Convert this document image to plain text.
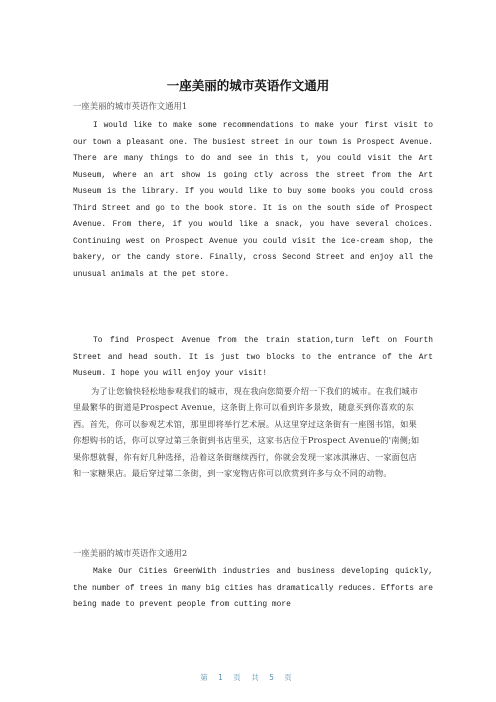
一座美丽的城市英语作文通用
一座美丽的城市英语作文通用1

I would like to make some recommendations to make your first visit to our town a pleasant one. The busiest street in our town is Prospect Avenue. There are many things to do and see in this t, you could visit the Art Museum, where an art show is going ctly across the street from the Art Museum is the library. If you would like to buy some books you could cross Third Street and go to the book store. It is on the south side of Prospect Avenue. From there, if you would like a snack, you have several choices. Continuing west on Prospect Avenue you could visit the ice-cream shop, the bakery, or the candy store. Finally, cross Second Street and enjoy all the unusual animals at the pet store.

To find Prospect Avenue from the train station,turn left on Fourth Street and head south. It is just two blocks to the entrance of the Art Museum. I hope you will enjoy your visit!

为了让您愉快轻松地参观我们的城市，现在我向您简要介绍一下我们的城市。在我们城市里最繁华的街道是Prospect Avenue，这条街上你可以看到许多景致，随意买到你喜欢的东西。首先，你可以参观艺术馆，那里即将举行艺术展。从这里穿过这条街有一座图书馆，如果你想购书的话，你可以穿过第三条街到书店里买，这家书店位于Prospect Avenue的'南侧;如果你想就餐，你有好几种选择，沿着这条街继续西行，你就会发现一家冰淇淋店、一家面包店和一家糖果店。最后穿过第二条街，到一家宠物店你可以欣赏到许多与众不同的动物。

一座美丽的城市英语作文通用2

Make Our Cities GreenWith industries and business developing quickly, the number of trees in many big cities has dramatically reduces. Efforts are being made to prevent people from cutting more

第 1 页 共 5 页
